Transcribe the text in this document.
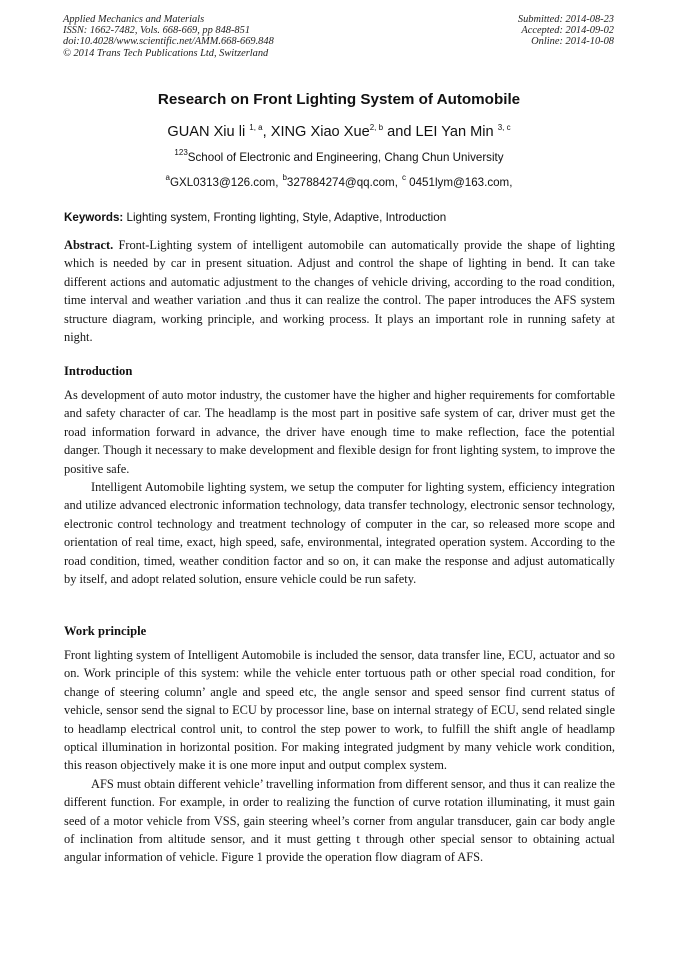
Applied Mechanics and Materials
ISSN: 1662-7482, Vols. 668-669, pp 848-851
doi:10.4028/www.scientific.net/AMM.668-669.848
© 2014 Trans Tech Publications Ltd, Switzerland
Submitted: 2014-08-23
Accepted: 2014-09-02
Online: 2014-10-08
Research on Front Lighting System of Automobile
GUAN Xiu li $^{1, a}$, XING Xiao Xue$^{2, b}$ and LEI Yan Min $^{3, c}$
$^{123}$School of Electronic and Engineering, Chang Chun University
$^a$GXL0313@126.com, $^b$327884274@qq.com, $^c$ 0451lym@163.com,
Keywords: Lighting system, Fronting lighting, Style, Adaptive, Introduction
Abstract. Front-Lighting system of intelligent automobile can automatically provide the shape of lighting which is needed by car in present situation. Adjust and control the shape of lighting in bend. It can take different actions and automatic adjustment to the changes of vehicle driving, according to the road condition, time interval and weather variation .and thus it can realize the control. The paper introduces the AFS system structure diagram, working principle, and working process. It plays an important role in running safety at night.
Introduction

As development of auto motor industry, the customer have the higher and higher requirements for comfortable and safety character of car. The headlamp is the most part in positive safe system of car, driver must get the road information forward in advance, the driver have enough time to make reflection, face the potential danger. Though it necessary to make development and flexible design for front lighting system, to improve the positive safe.

Intelligent Automobile lighting system, we setup the computer for lighting system, efficiency integration and utilize advanced electronic information technology, data transfer technology, electronic sensor technology, electronic control technology and treatment technology of computer in the car, so released more scope and orientation of real time, exact, high speed, safe, environmental, integrated operation system. According to the road condition, timed, weather condition factor and so on, it can make the response and adjust automatically by itself, and adopt related solution, ensure vehicle could be run safety.

Work principle

Front lighting system of Intelligent Automobile is included the sensor, data transfer line, ECU, actuator and so on. Work principle of this system: while the vehicle enter tortuous path or other special road condition, for change of steering column’ angle and speed etc, the angle sensor and speed sensor find current status of vehicle, sensor send the signal to ECU by processor line, base on internal strategy of ECU, send related single to headlamp electrical control unit, to control the step power to work, to fulfill the shift angle of headlamp optical illumination in horizontal position. For making integrated judgment by many vehicle work condition, this reason objectively make it is one more input and output complex system.

AFS must obtain different vehicle’ travelling information from different sensor, and thus it can realize the different function. For example, in order to realizing the function of curve rotation illuminating, it must gain seed of a motor vehicle from VSS, gain steering wheel’s corner from angular transducer, gain car body angle of inclination from altitude sensor, and it must getting t through other special sensor to obtaining actual angular information of vehicle. Figure 1 provide the operation flow diagram of AFS.
